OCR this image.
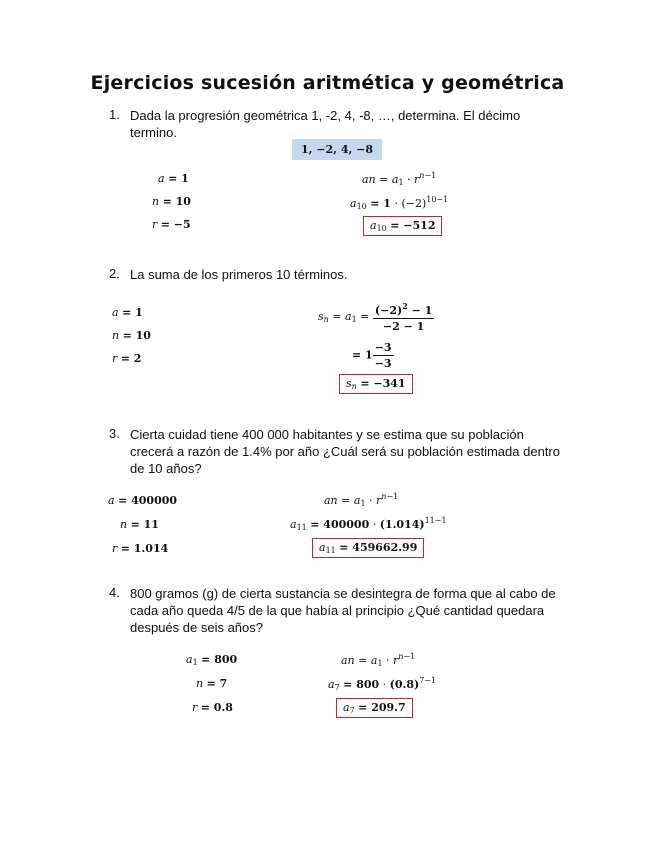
Ejercicios sucesión aritmética y geométrica
1. Dada la progresión geométrica 1, -2, 4, -8, …, determina. El décimo termino.
1, −2, 4, −8
a = 1
n = 10
r = −5
an = $a_1 \cdot r^{n-1}$
$a_{10} = 1 \cdot (-2)^{10-1}$
$a_{10} = -512$
2. La suma de los primeros 10 términos.
a = 1
n = 10
r = 2
$s_n = a_1 = \frac{(-2)^2 - 1}{-2 - 1}$
= $1 \frac{-3}{-3}$
$s_n = -341$
3. Cierta cuidad tiene 400 000 habitantes y se estima que su población crecerá a razón de 1.4% por año ¿Cuál será su población estimada dentro de 10 años?
a = 400000
n = 11
r = 1.014
an = $a_1 \cdot r^{n-1}$
$a_{11} = 400000 \cdot (1.014)^{11-1}$
$a_{11} = 459662.99$
4. 800 gramos (g) de cierta sustancia se desintegra de forma que al cabo de cada año queda 4/5 de la que había al principio ¿Qué cantidad quedara después de seis años?
$a_1 = 800$
n = 7
r = 0.8
an = $a_1 \cdot r^{n-1}$
$a_7 = 800 \cdot (0.8)^{7-1}$
$a_7 = 209.7$
